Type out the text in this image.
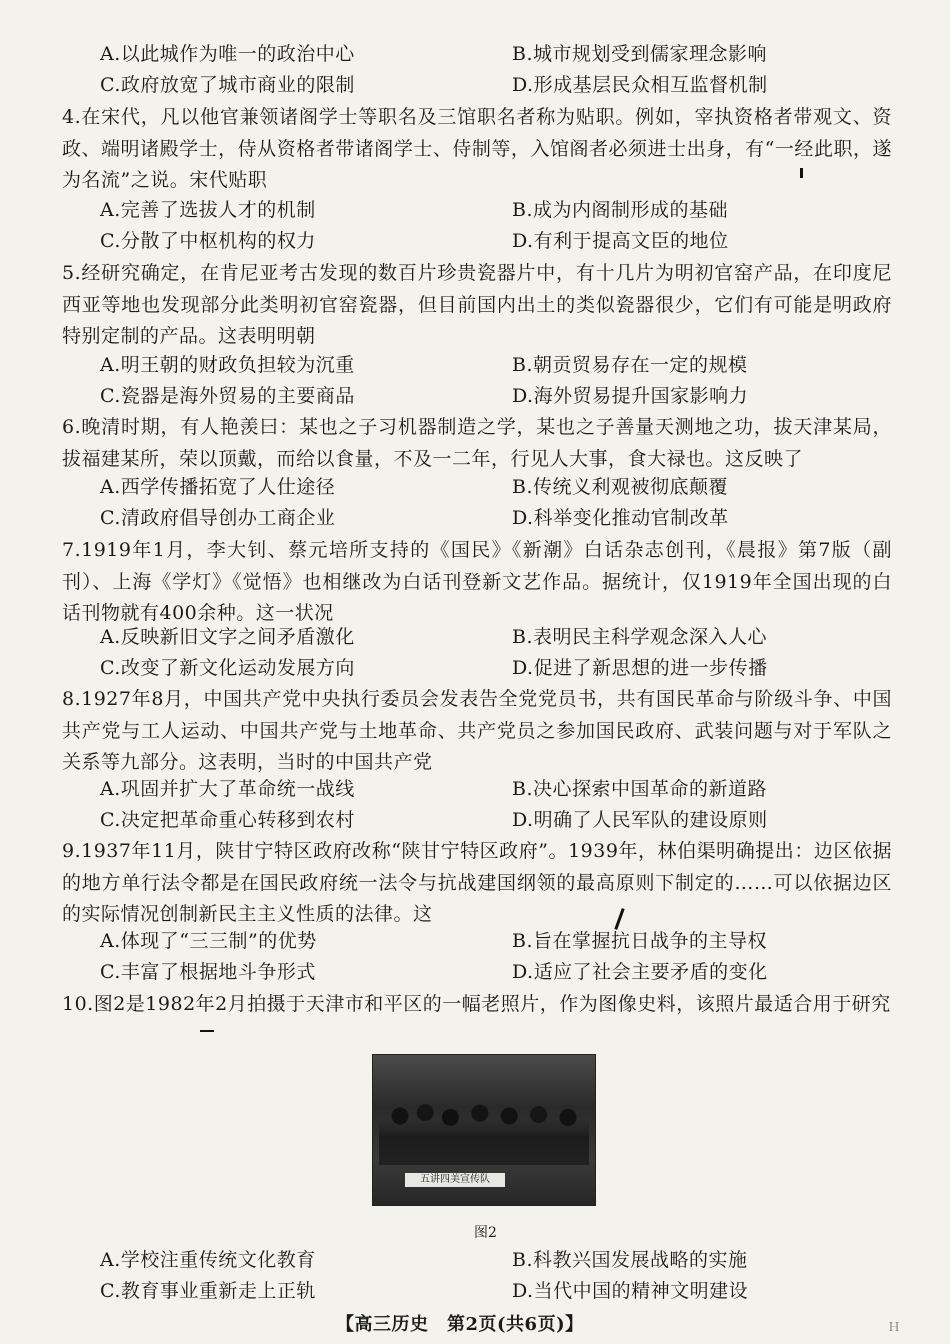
A.以此城作为唯一的政治中心	B.城市规划受到儒家理念影响
C.政府放宽了城市商业的限制	D.形成基层民众相互监督机制
4.在宋代，凡以他官兼领诸阁学士等职名及三馆职名者称为贴职。例如，宰执资格者带观文、资政、端明诸殿学士，侍从资格者带诸阁学士、侍制等，入馆阁者必须进士出身，有“一经此职，遂为名流”之说。宋代贴职
A.完善了选拔人才的机制	B.成为内阁制形成的基础
C.分散了中枢机构的权力	D.有利于提高文臣的地位
5.经研究确定，在肯尼亚考古发现的数百片珍贵瓷器片中，有十几片为明初官窑产品，在印度尼西亚等地也发现部分此类明初官窑瓷器，但目前国内出土的类似瓷器很少，它们有可能是明政府特别定制的产品。这表明明朝
A.明王朝的财政负担较为沉重	B.朝贡贸易存在一定的规模
C.瓷器是海外贸易的主要商品	D.海外贸易提升国家影响力
6.晚清时期，有人艳羡曰：某也之子习机器制造之学，某也之子善量天测地之功，拔天津某局，拔福建某所，荣以顶戴，而给以食量，不及一二年，行见人大事，食大禄也。这反映了
A.西学传播拓宽了人仕途径	B.传统义利观被彻底颠覆
C.清政府倡导创办工商企业	D.科举变化推动官制改革
7.1919年1月，李大钊、蔡元培所支持的《国民》《新潮》白话杂志创刊，《晨报》第7版（副刊）、上海《学灯》《觉悟》也相继改为白话刊登新文艺作品。据统计，仅1919年全国出现的白话刊物就有400余种。这一状况
A.反映新旧文字之间矛盾激化	B.表明民主科学观念深入人心
C.改变了新文化运动发展方向	D.促进了新思想的进一步传播
8.1927年8月，中国共产党中央执行委员会发表告全党党员书，共有国民革命与阶级斗争、中国共产党与工人运动、中国共产党与土地革命、共产党员之参加国民政府、武装问题与对于军队之关系等九部分。这表明，当时的中国共产党
A.巩固并扩大了革命统一战线	B.决心探索中国革命的新道路
C.决定把革命重心转移到农村	D.明确了人民军队的建设原则
9.1937年11月，陕甘宁特区政府改称“陕甘宁特区政府”。1939年，林伯渠明确提出：边区依据的地方单行法令都是在国民政府统一法令与抗战建国纲领的最高原则下制定的……可以依据边区的实际情况创制新民主主义性质的法律。这
A.体现了“三三制”的优势	B.旨在掌握抗日战争的主导权
C.丰富了根据地斗争形式	D.适应了社会主要矛盾的变化
10.图2是1982年2月拍摄于天津市和平区的一幅老照片，作为图像史料，该照片最适合用于研究
五讲四美宣传队
图2
A.学校注重传统文化教育	B.科教兴国发展战略的实施
C.教育事业重新走上正轨	D.当代中国的精神文明建设
【高三历史　第2页(共6页)】	Ｈ
